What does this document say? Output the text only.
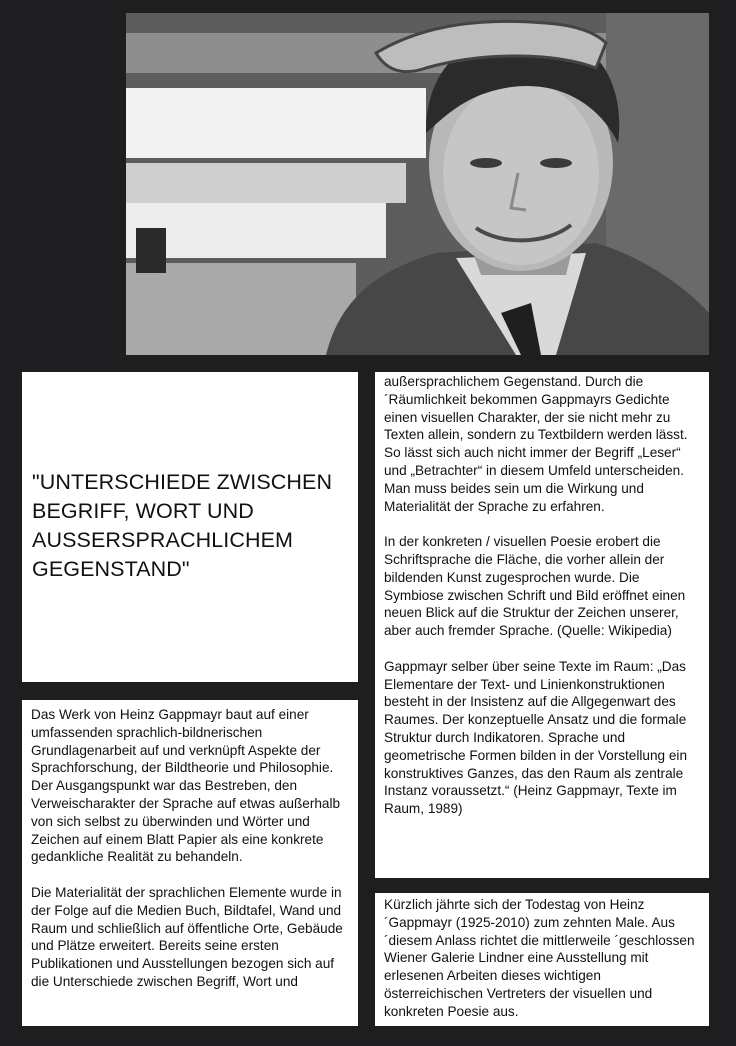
"UNTERSCHIEDE ZWISCHEN BEGRIFF, WORT UND AUSSERSPRACHLICHEM GEGENSTAND"

Das Werk von Heinz Gappmayr baut auf einer umfassenden sprachlich-bildnerischen Grundlagenarbeit auf und verknüpft Aspekte der Sprachforschung, der Bildtheorie und Philosophie. Der Ausgangspunkt war das Bestreben, den Verweischarakter der Sprache auf etwas außerhalb von sich selbst zu überwinden und Wörter und Zeichen auf einem Blatt Papier als eine konkrete gedankliche Realität zu behandeln.

Die Materialität der sprachlichen Elemente wurde in der Folge auf die Medien Buch, Bildtafel, Wand und Raum und schließlich auf öffentliche Orte, Gebäude und Plätze erweitert. Bereits seine ersten Publikationen und Ausstellungen bezogen sich auf die Unterschiede zwischen Begriff, Wort und

außersprachlichem Gegenstand. Durch die ´Räumlichkeit bekommen Gappmayrs Gedichte einen visuellen Charakter, der sie nicht mehr zu Texten allein, sondern zu Textbildern werden lässt. So lässt sich auch nicht immer der Begriff „Leser“ und „Betrachter“ in diesem Umfeld unterscheiden. Man muss beides sein um die Wirkung und Materialität der Sprache zu erfahren.

In der konkreten / visuellen Poesie erobert die Schriftsprache die Fläche, die vorher allein der bildenden Kunst zugesprochen wurde. Die Symbiose zwischen Schrift und Bild eröffnet einen neuen Blick auf die Struktur der Zeichen unserer, aber auch fremder Sprache. (Quelle: Wikipedia)

Gappmayr selber über seine Texte im Raum: „Das Elementare der Text- und Linienkonstruktionen besteht in der Insistenz auf die Allgegenwart des Raumes. Der konzeptuelle Ansatz und die formale Struktur durch Indikatoren. Sprache und geometrische Formen bilden in der Vorstellung ein konstruktives Ganzes, das den Raum als zentrale Instanz voraussetzt.“ (Heinz Gappmayr, Texte im Raum, 1989)

Kürzlich jährte sich der Todestag von Heinz ´Gappmayr (1925-2010) zum zehnten Male. Aus ´diesem Anlass richtet die mittlerweile ´geschlossen Wiener Galerie Lindner eine Ausstellung mit erlesenen Arbeiten dieses wichtigen österreichischen Vertreters der visuellen und konkreten Poesie aus.
